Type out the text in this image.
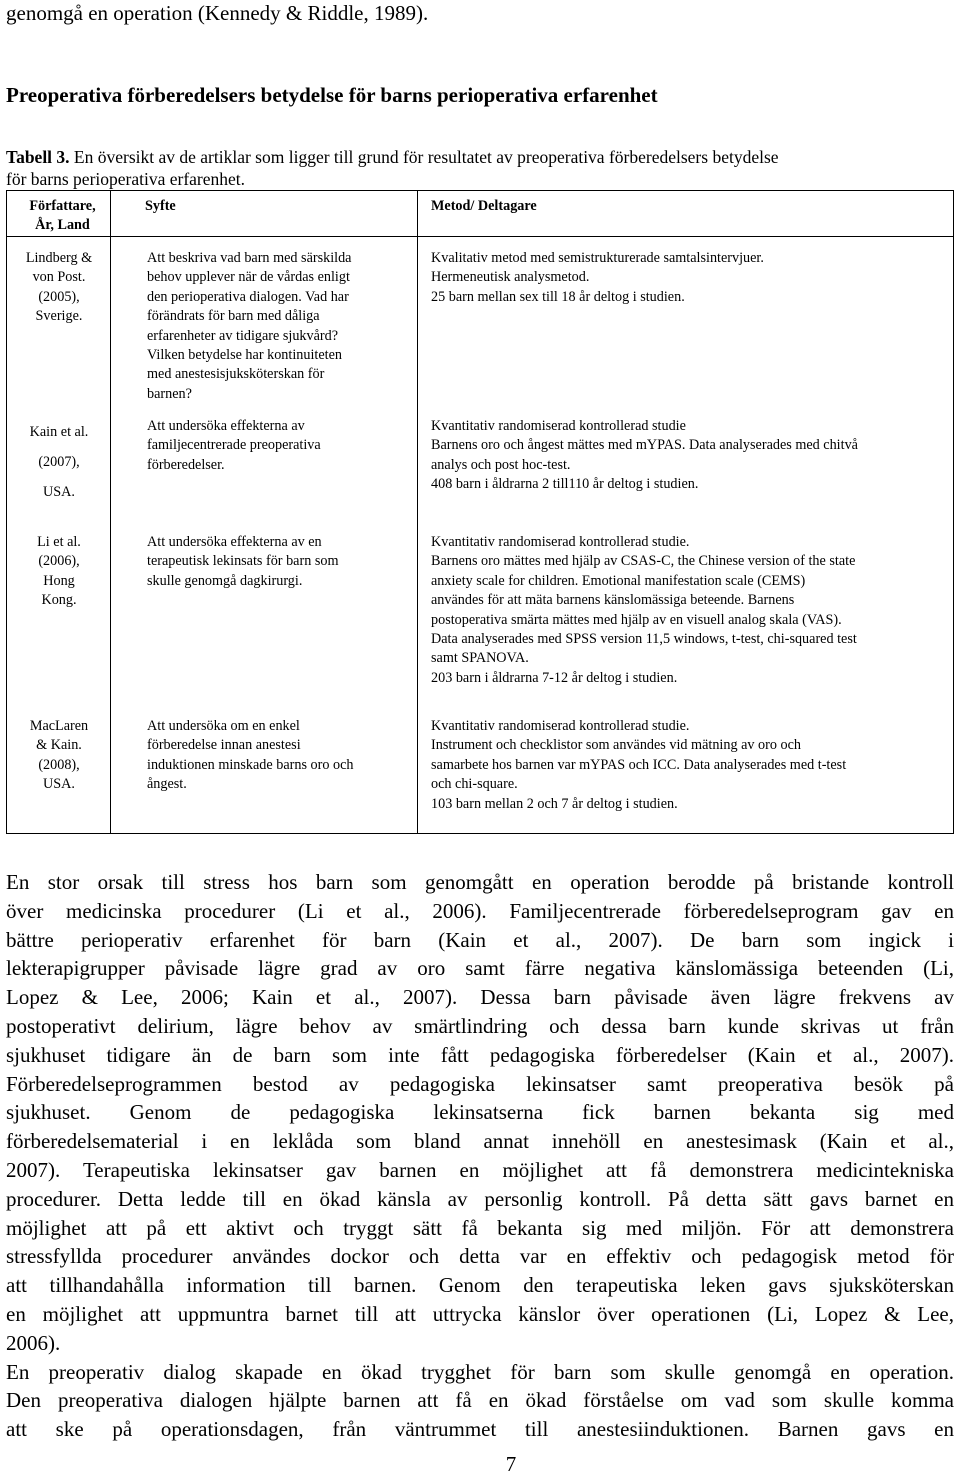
genomgå en operation (Kennedy & Riddle, 1989).
Preoperativa förberedelsers betydelse för barns perioperativa erfarenhet
Tabell 3. En översikt av de artiklar som ligger till grund för resultatet av preoperativa förberedelsers betydelse
för barns perioperativa erfarenhet.
Författare,
År, Land
Syfte	Metod/ Deltagare
Lindberg &
von Post.
(2005),
Sverige.
Att beskriva vad barn med särskilda
behov upplever när de vårdas enligt
den perioperativa dialogen. Vad har
förändrats för barn med dåliga
erfarenheter av tidigare sjukvård?
Vilken betydelse har kontinuiteten
med anestesisjuksköterskan för
barnen?
Kvalitativ metod med semistrukturerade samtalsintervjuer.
Hermeneutisk analysmetod.
25 barn mellan sex till 18 år deltog i studien.
Kain et al.
(2007),
USA.
Att undersöka effekterna av
familjecentrerade preoperativa
förberedelser.
Kvantitativ randomiserad kontrollerad studie
Barnens oro och ångest mättes med mYPAS. Data analyserades med chitvå
analys och post hoc-test.
408 barn i åldrarna 2 till110 år deltog i studien.
Li et al.
(2006),
Hong
Kong.
Att undersöka effekterna av en
terapeutisk lekinsats för barn som
skulle genomgå dagkirurgi.
Kvantitativ randomiserad kontrollerad studie.
Barnens oro mättes med hjälp av CSAS-C, the Chinese version of the state
anxiety scale for children. Emotional manifestation scale (CEMS)
användes för att mäta barnens känslomässiga beteende. Barnens
postoperativa smärta mättes med hjälp av en visuell analog skala (VAS).
Data analyserades med SPSS version 11,5 windows, t-test, chi-squared test
samt SPANOVA.
203 barn i åldrarna 7-12 år deltog i studien.
MacLaren
& Kain.
(2008),
USA.
Att undersöka om en enkel
förberedelse innan anestesi
induktionen minskade barns oro och
ångest.
Kvantitativ randomiserad kontrollerad studie.
Instrument och checklistor som användes vid mätning av oro och
samarbete hos barnen var mYPAS och ICC. Data analyserades med t-test
och chi-square.
103 barn mellan 2 och 7 år deltog i studien.
En stor orsak till stress hos barn som genomgått en operation berodde på bristande kontroll
över medicinska procedurer (Li et al., 2006). Familjecentrerade förberedelseprogram gav en
bättre perioperativ erfarenhet för barn (Kain et al., 2007). De barn som ingick i
lekterapigrupper påvisade lägre grad av oro samt färre negativa känslomässiga beteenden (Li,
Lopez & Lee, 2006; Kain et al., 2007). Dessa barn påvisade även lägre frekvens av
postoperativt delirium, lägre behov av smärtlindring och dessa barn kunde skrivas ut från
sjukhuset tidigare än de barn som inte fått pedagogiska förberedelser (Kain et al., 2007).
Förberedelseprogrammen bestod av pedagogiska lekinsatser samt preoperativa besök på
sjukhuset. Genom de pedagogiska lekinsatserna fick barnen bekanta sig med
förberedelsematerial i en leklåda som bland annat innehöll en anestesimask (Kain et al.,
2007). Terapeutiska lekinsatser gav barnen en möjlighet att få demonstrera medicintekniska
procedurer. Detta ledde till en ökad känsla av personlig kontroll. På detta sätt gavs barnet en
möjlighet att på ett aktivt och tryggt sätt få bekanta sig med miljön. För att demonstrera
stressfyllda procedurer användes dockor och detta var en effektiv och pedagogisk metod för
att tillhandahålla information till barnen. Genom den terapeutiska leken gavs sjuksköterskan
en möjlighet att uppmuntra barnet till att uttrycka känslor över operationen (Li, Lopez & Lee,
2006).
En preoperativ dialog skapade en ökad trygghet för barn som skulle genomgå en operation.
Den preoperativa dialogen hjälpte barnen att få en ökad förståelse om vad som skulle komma
att ske på operationsdagen, från väntrummet till anestesiinduktionen. Barnen gavs en
7
